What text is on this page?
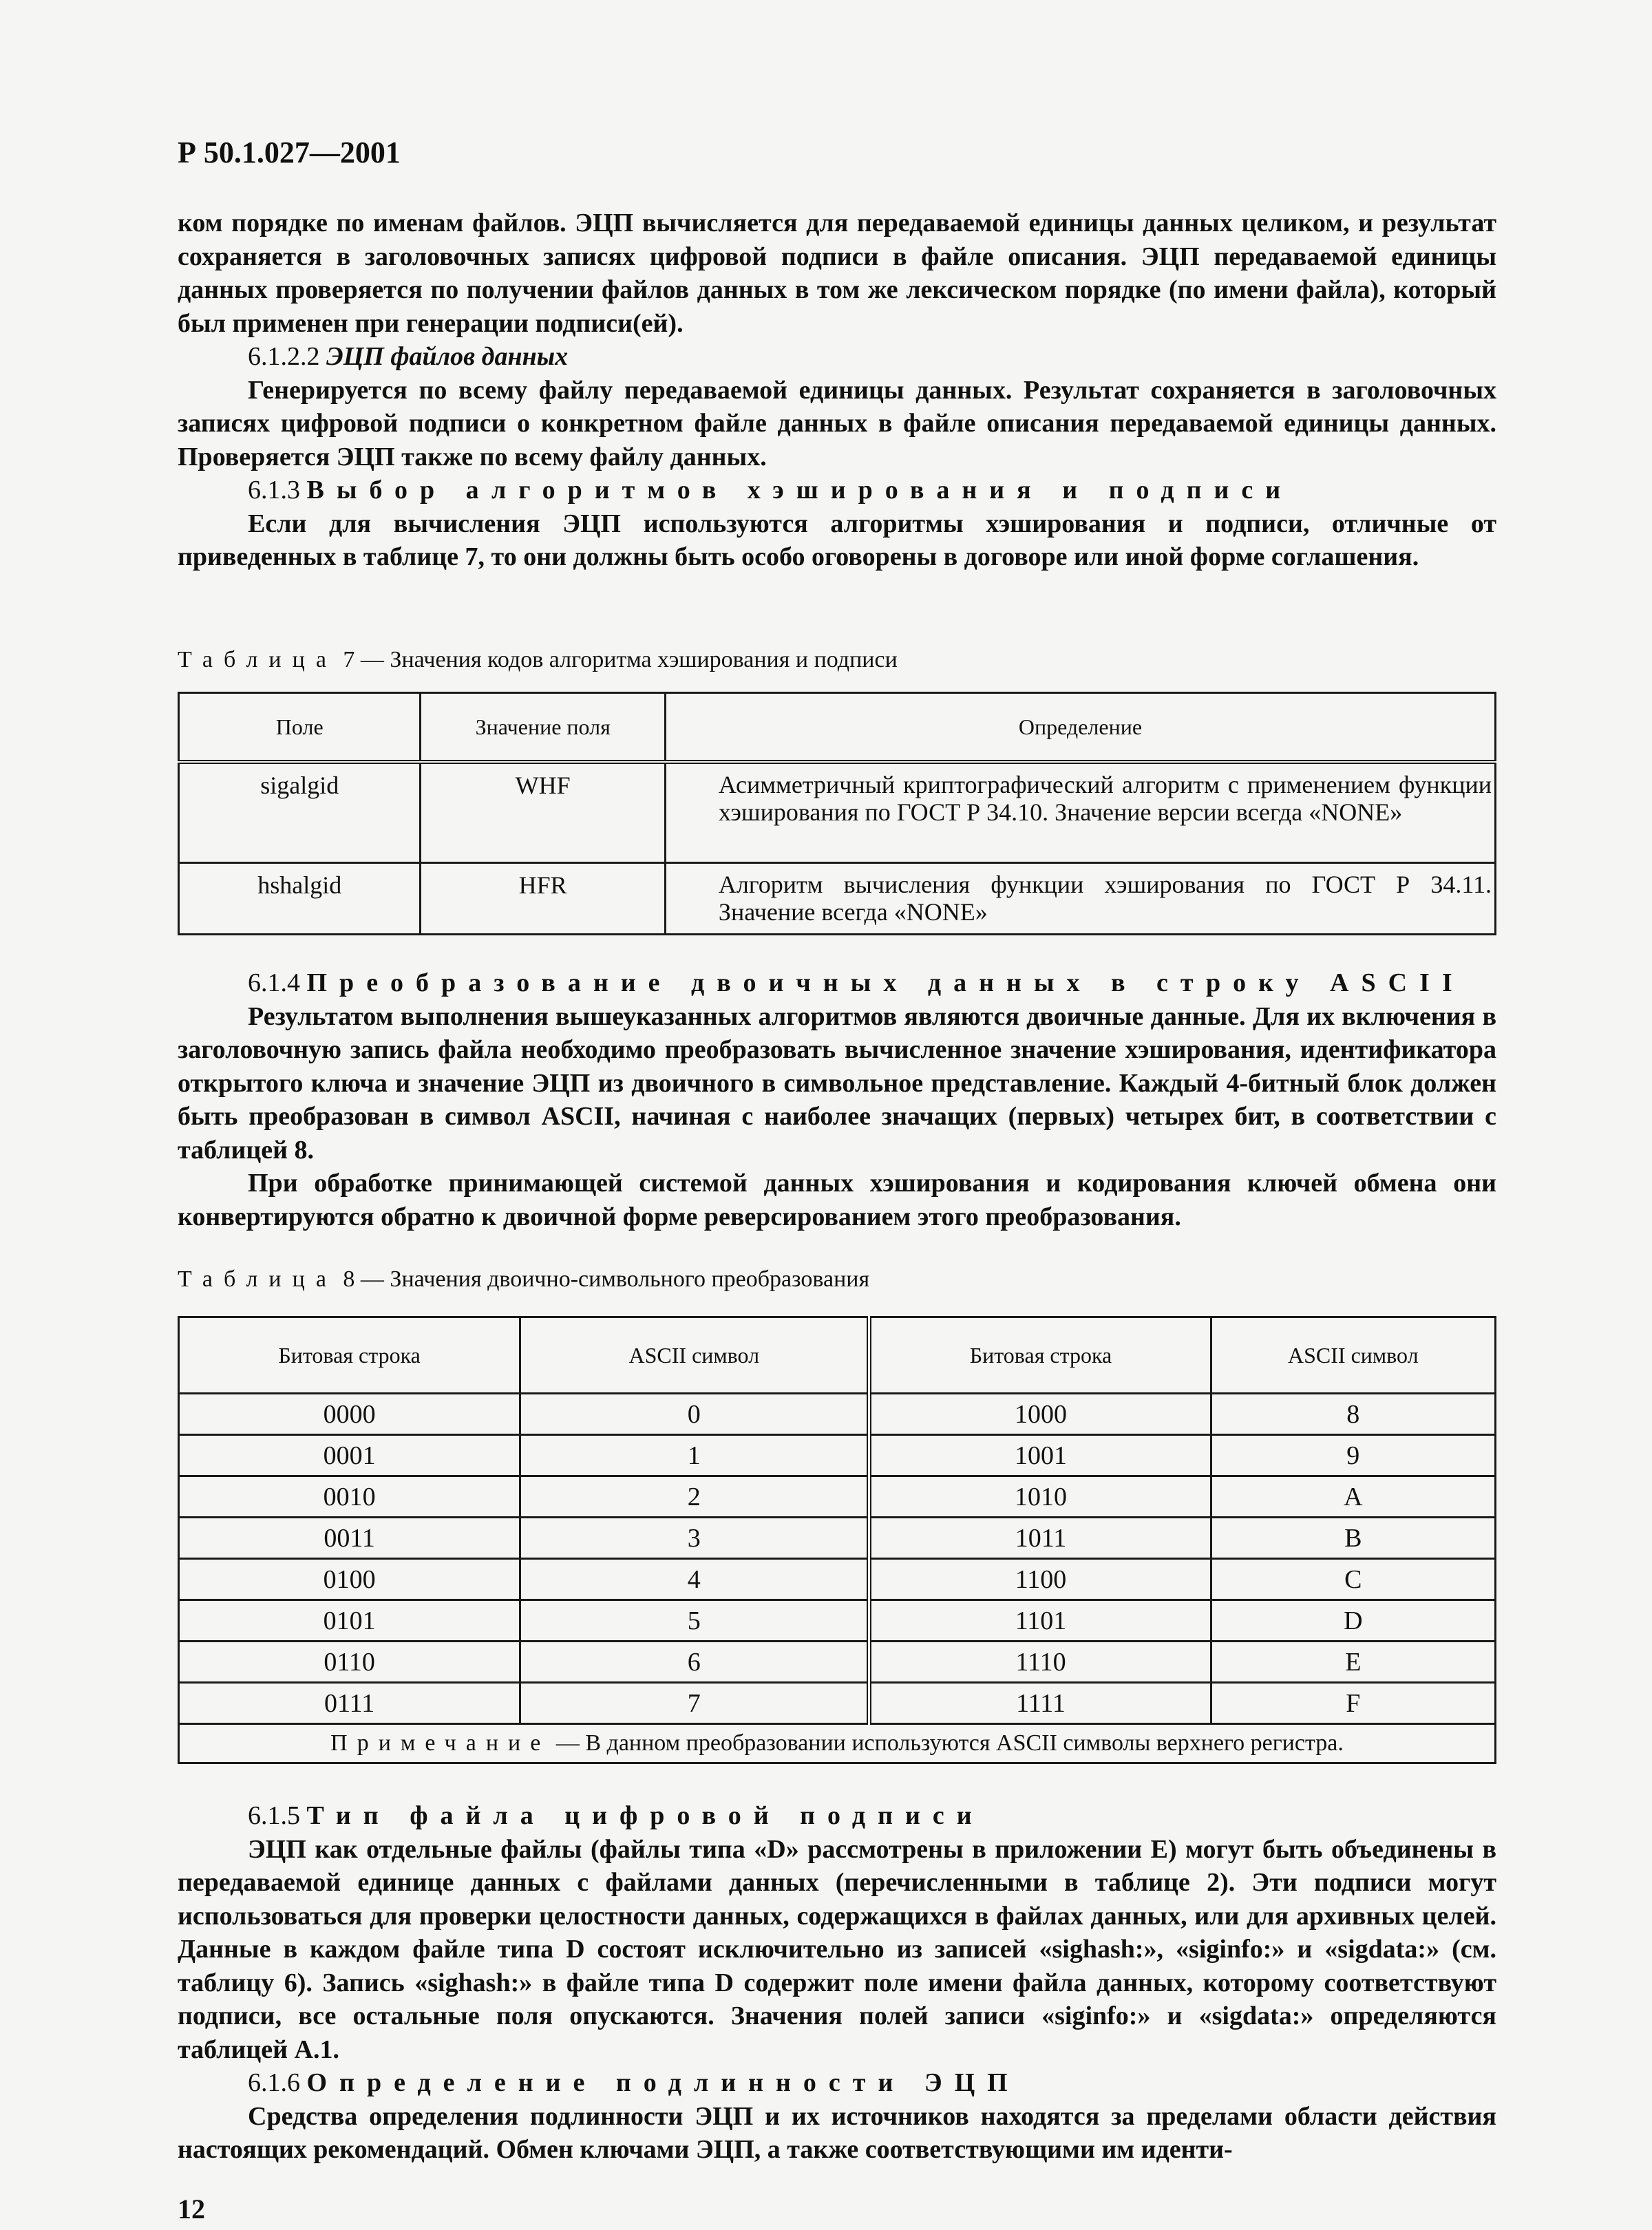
Р 50.1.027—2001

ком порядке по именам файлов. ЭЦП вычисляется для передаваемой единицы данных целиком, и результат сохраняется в заголовочных записях цифровой подписи в файле описания. ЭЦП передаваемой единицы данных проверяется по получении файлов данных в том же лексическом порядке (по имени файла), который был применен при генерации подписи(ей).

6.1.2.2 ЭЦП файлов данных

Генерируется по всему файлу передаваемой единицы данных. Результат сохраняется в заголовочных записях цифровой подписи о конкретном файле данных в файле описания передаваемой единицы данных. Проверяется ЭЦП также по всему файлу данных.

6.1.3 Выбор алгоритмов хэширования и подписи

Если для вычисления ЭЦП используются алгоритмы хэширования и подписи, отличные от приведенных в таблице 7, то они должны быть особо оговорены в договоре или иной форме соглашения.

Таблица 7 — Значения кодов алгоритма хэширования и подписи
Поле	Значение поля	Определение
sigalgid	WHF	Асимметричный криптографический алгоритм с применением функции хэширования по ГОСТ Р 34.10. Значение версии всегда «NONE»
hshalgid	HFR	Алгоритм вычисления функции хэширования по ГОСТ Р 34.11. Значение всегда «NONE»

6.1.4 Преобразование двоичных данных в строку ASCII

Результатом выполнения вышеуказанных алгоритмов являются двоичные данные. Для их включения в заголовочную запись файла необходимо преобразовать вычисленное значение хэширования, идентификатора открытого ключа и значение ЭЦП из двоичного в символьное представление. Каждый 4-битный блок должен быть преобразован в символ ASCII, начиная с наиболее значащих (первых) четырех бит, в соответствии с таблицей 8.

При обработке принимающей системой данных хэширования и кодирования ключей обмена они конвертируются обратно к двоичной форме реверсированием этого преобразования.

Таблица 8 — Значения двоично-символьного преобразования
Битовая строка	ASCII символ	Битовая строка	ASCII символ
0000	0	1000	8
0001	1	1001	9
0010	2	1010	A
0011	3	1011	B
0100	4	1100	C
0101	5	1101	D
0110	6	1110	E
0111	7	1111	F
Примечание — В данном преобразовании используются ASCII символы верхнего регистра.			

6.1.5 Тип файла цифровой подписи

ЭЦП как отдельные файлы (файлы типа «D» рассмотрены в приложении Е) могут быть объединены в передаваемой единице данных с файлами данных (перечисленными в таблице 2). Эти подписи могут использоваться для проверки целостности данных, содержащихся в файлах данных, или для архивных целей. Данные в каждом файле типа D состоят исключительно из записей «sighash:», «siginfo:» и «sigdata:» (см. таблицу 6). Запись «sighash:» в файле типа D содержит поле имени файла данных, которому соответствуют подписи, все остальные поля опускаются. Значения полей записи «siginfo:» и «sigdata:» определяются таблицей А.1.

6.1.6 Определение подлинности ЭЦП

Средства определения подлинности ЭЦП и их источников находятся за пределами области действия настоящих рекомендаций. Обмен ключами ЭЦП, а также соответствующими им иденти-

12
